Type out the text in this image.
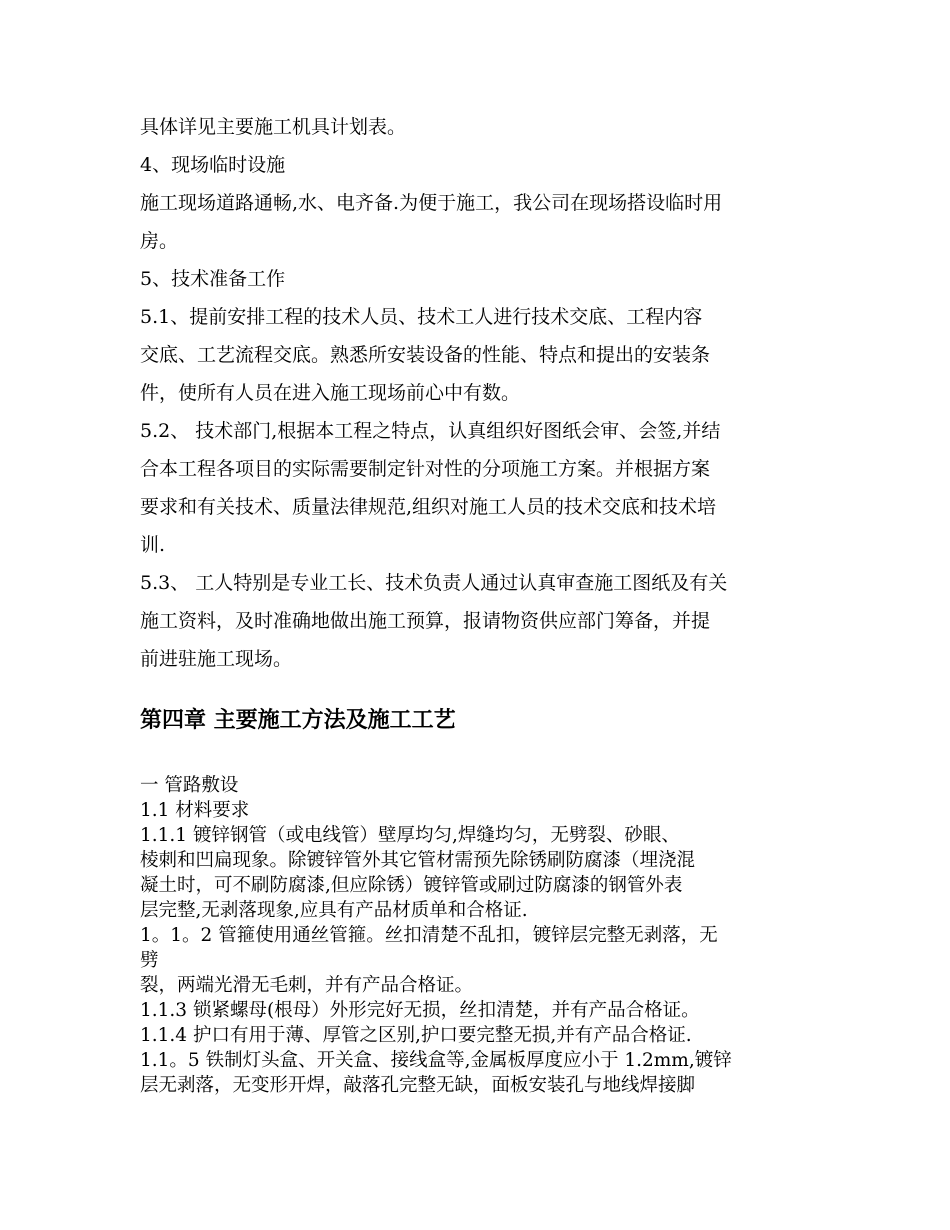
具体详见主要施工机具计划表。

4、现场临时设施

施工现场道路通畅,水、电齐备.为便于施工，我公司在现场搭设临时用
房。

5、技术准备工作

5.1、提前安排工程的技术人员、技术工人进行技术交底、工程内容
交底、工艺流程交底。熟悉所安装设备的性能、特点和提出的安装条
件，使所有人员在进入施工现场前心中有数。

5.2、 技术部门,根据本工程之特点，认真组织好图纸会审、会签,并结
合本工程各项目的实际需要制定针对性的分项施工方案。并根据方案
要求和有关技术、质量法律规范,组织对施工人员的技术交底和技术培
训.

5.3、 工人特别是专业工长、技术负责人通过认真审查施工图纸及有关
施工资料，及时准确地做出施工预算，报请物资供应部门筹备，并提
前进驻施工现场。

第四章 主要施工方法及施工工艺

一 管路敷设

1.1 材料要求

1.1.1 镀锌钢管（或电线管）壁厚均匀,焊缝均匀，无劈裂、砂眼、
棱刺和凹扁现象。除镀锌管外其它管材需预先除锈刷防腐漆（埋浇混
凝土时，可不刷防腐漆,但应除锈）镀锌管或刷过防腐漆的钢管外表
层完整,无剥落现象,应具有产品材质单和合格证.

1。1。2 管箍使用通丝管箍。丝扣清楚不乱扣，镀锌层完整无剥落，无
劈
裂，两端光滑无毛刺，并有产品合格证。

1.1.3 锁紧螺母(根母）外形完好无损，丝扣清楚，并有产品合格证。

1.1.4 护口有用于薄、厚管之区别,护口要完整无损,并有产品合格证.

1.1。5 铁制灯头盒、开关盒、接线盒等,金属板厚度应小于 1.2mm,镀锌
层无剥落，无变形开焊，敲落孔完整无缺，面板安装孔与地线焊接脚
